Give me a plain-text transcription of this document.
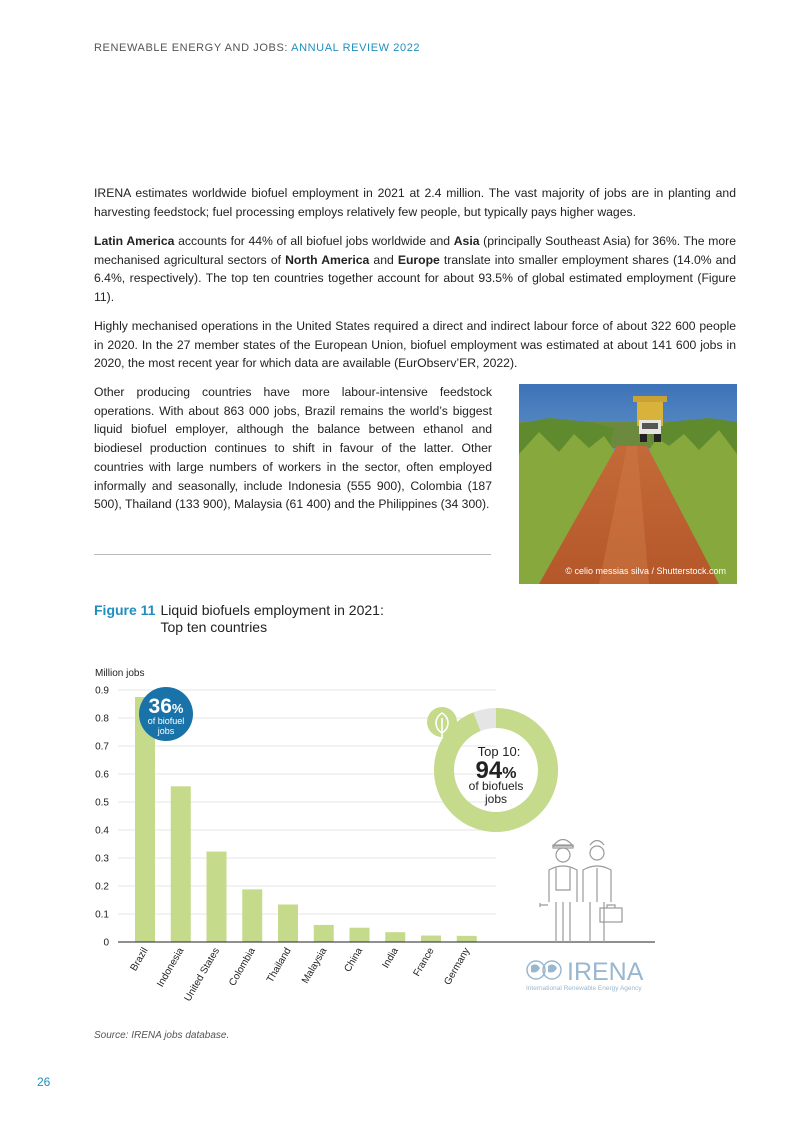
RENEWABLE ENERGY AND JOBS: ANNUAL REVIEW 2022

IRENA estimates worldwide biofuel employment in 2021 at 2.4 million. The vast majority of jobs are in planting and harvesting feedstock; fuel processing employs relatively few people, but typically pays higher wages.

Latin America accounts for 44% of all biofuel jobs worldwide and Asia (principally Southeast Asia) for 36%. The more mechanised agricultural sectors of North America and Europe translate into smaller employment shares (14.0% and 6.4%, respectively). The top ten countries together account for about 93.5% of global estimated employment (Figure 11).

Highly mechanised operations in the United States required a direct and indirect labour force of about 322 600 people in 2020. In the 27 member states of the European Union, biofuel employment was estimated at about 141 600 jobs in 2020, the most recent year for which data are available (EurObserv’ER, 2022).

Other producing countries have more labour-intensive feedstock operations. With about 863 000 jobs, Brazil remains the world’s biggest liquid biofuel employer, although the balance between ethanol and biodiesel production continues to shift in favour of the latter. Other countries with large numbers of workers in the sector, often employed informally and seasonally, include Indonesia (555 900), Colombia (187 500), Thailand (133 900), Malaysia (61 400) and the Philippines (34 300).

© celio messias silva / Shutterstock.com
Figure 11 Liquid biofuels employment in 2021:
Top ten countries
Million jobs
0
0.1
0.2
0.3
0.4
0.5
0.6
0.7
0.8
0.9
Brazil Indonesia
United States Colombia Thailand Malaysia China India France Germany
36%
of biofuel
jobs
Top 10:
94%
of biofuels
jobs
IRENA
International Renewable Energy Agency
Source: IRENA jobs database.
26
